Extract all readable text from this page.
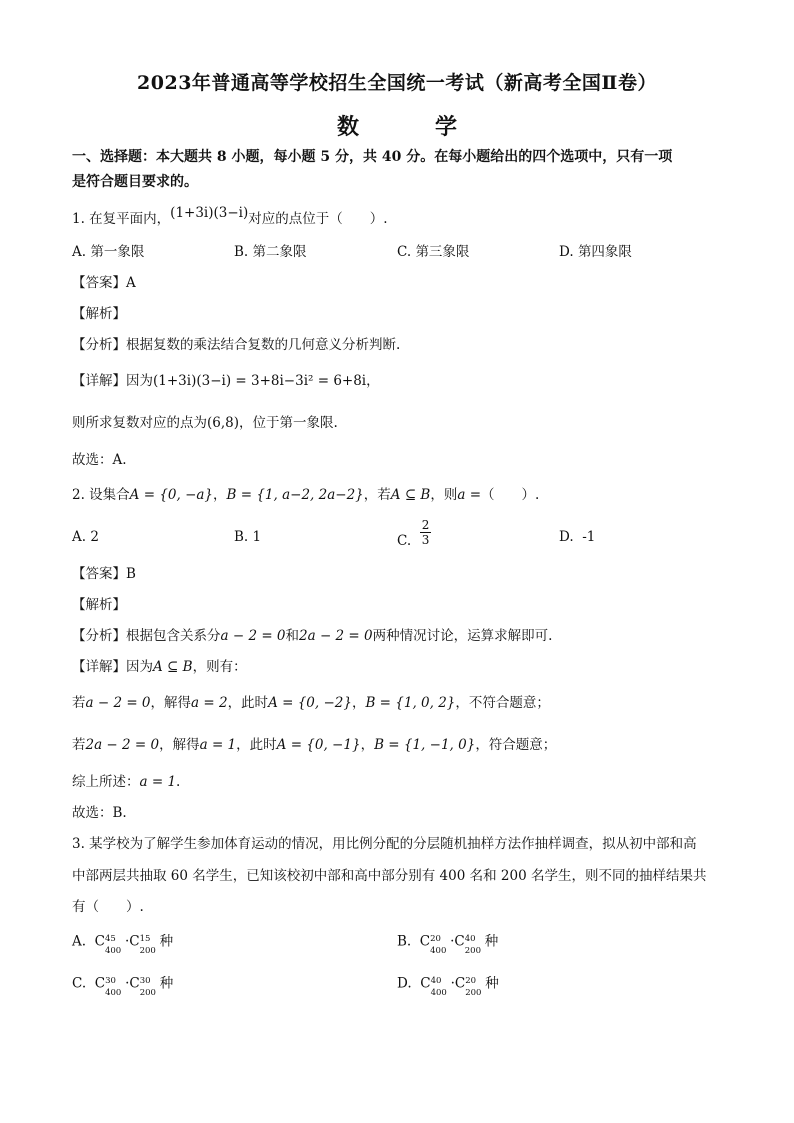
2023年普通高等学校招生全国统一考试（新高考全国Ⅱ卷）
数	学
一、选择题：本大题共 8 小题，每小题 5 分，共 40 分。在每小题给出的四个选项中，只有一项
是符合题目要求的。
1. 在复平面内，(1+3i)(3−i)对应的点位于（　　）.
A. 第一象限	B. 第二象限	C. 第三象限	D. 第四象限
【答案】A
【解析】
【分析】根据复数的乘法结合复数的几何意义分析判断.
【详解】因为(1+3i)(3−i) = 3+8i−3i² = 6+8i，
则所求复数对应的点为(6,8)，位于第一象限.
故选：A.
2. 设集合A = {0, −a}，B = {1, a−2, 2a−2}，若A ⊆ B，则a =（　　）.
A. 2	B. 1	C. $\frac{2}{3}$	D. -1
【答案】B
【解析】
【分析】根据包含关系分a − 2 = 0和2a − 2 = 0两种情况讨论，运算求解即可.
【详解】因为A ⊆ B，则有：
若a − 2 = 0，解得a = 2，此时A = {0, −2}，B = {1, 0, 2}，不符合题意；
若2a − 2 = 0，解得a = 1，此时A = {0, −1}，B = {1, −1, 0}，符合题意；
综上所述：a = 1.
故选：B.
3. 某学校为了解学生参加体育运动的情况，用比例分配的分层随机抽样方法作抽样调查，拟从初中部和高
中部两层共抽取 60 名学生，已知该校初中部和高中部分别有 400 名和 200 名学生，则不同的抽样结果共
有（　　）.
A.  C 45
400
·C 15
200
种	B.  C 20
400
·C 40
200
种
C.  C 30
400
·C 30
200
种	D.  C 40
400
·C 20
200
种
